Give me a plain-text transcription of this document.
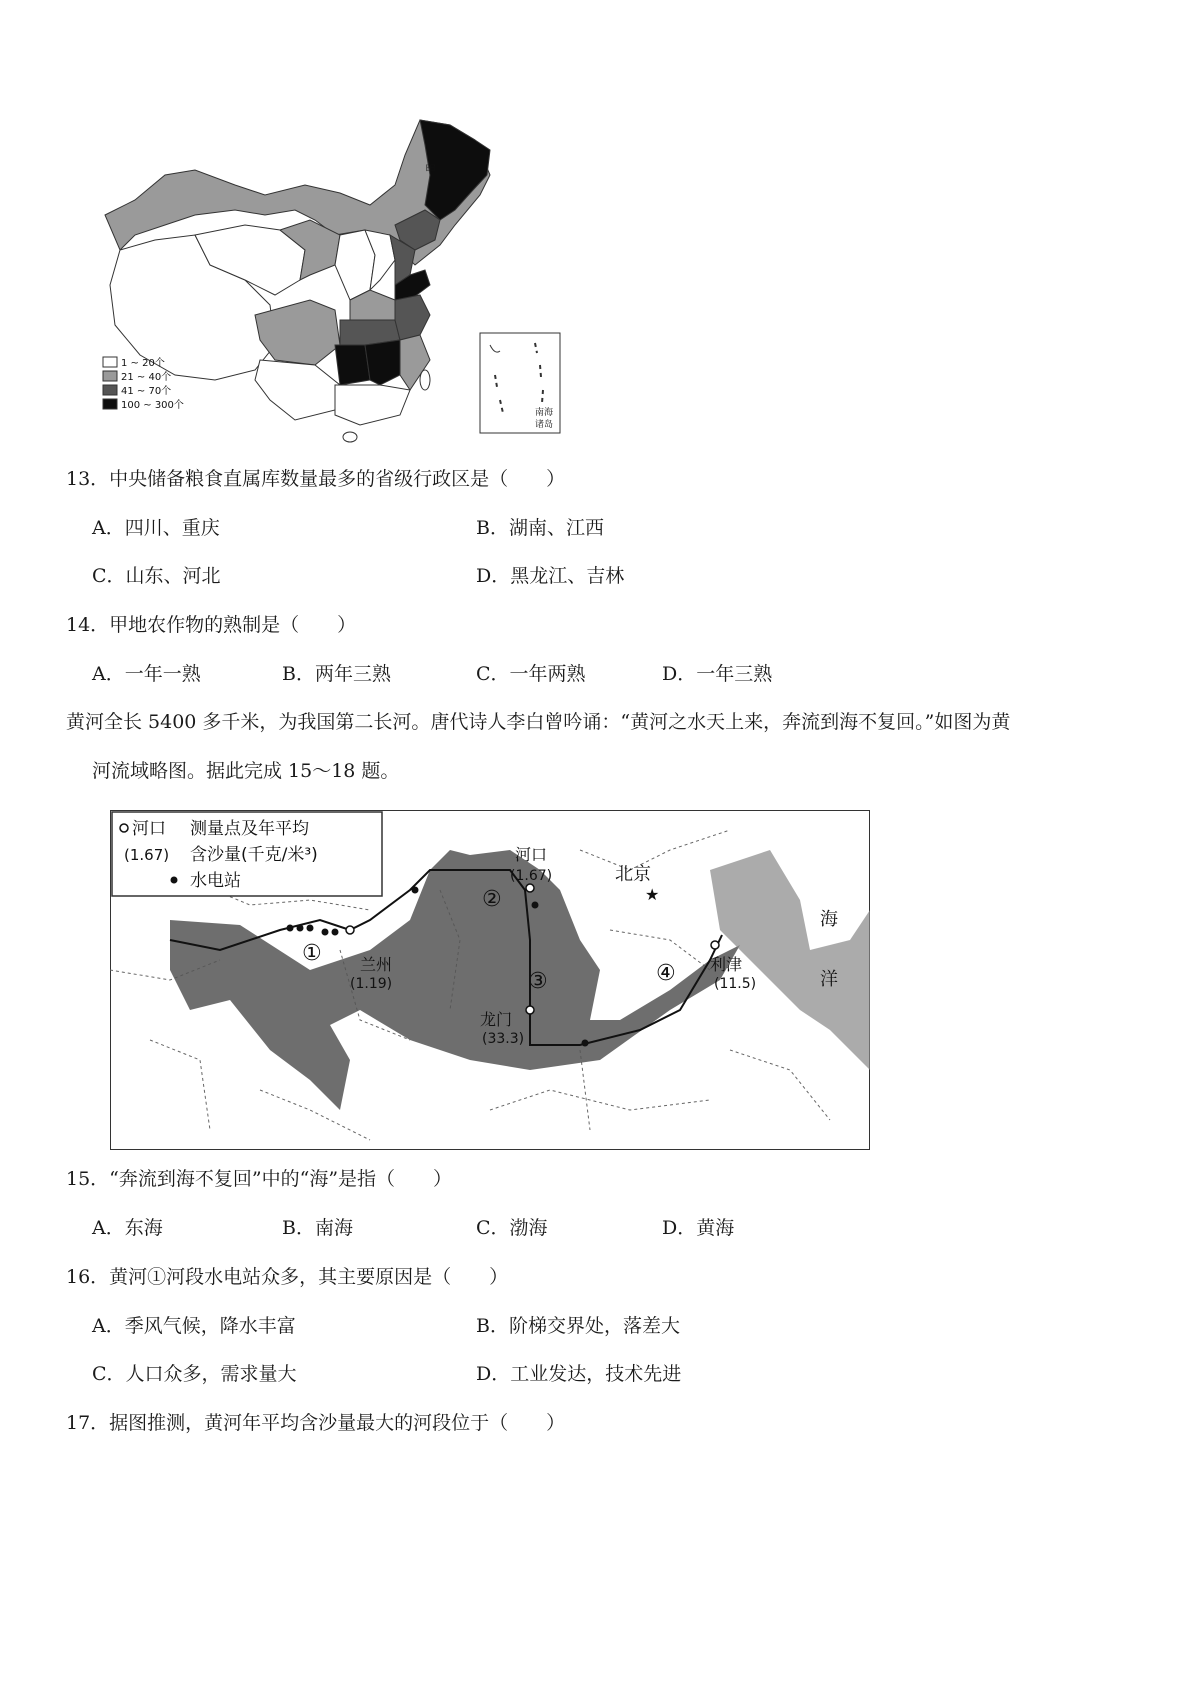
甲
1 ~ 20个
21 ~ 40个
41 ~ 70个
100 ~ 300个
南海
诸岛
13．中央储备粮食直属库数量最多的省级行政区是（　　）
A．四川、重庆	B．湖南、江西
C．山东、河北	D．黑龙江、吉林
14．甲地农作物的熟制是（　　）
A．一年一熟	B．两年三熟	C．一年两熟	D．一年三熟
黄河全长 5400 多千米，为我国第二长河。唐代诗人李白曾吟诵：“黄河之水天上来，奔流到海不复回。”如图为黄
河流域略图。据此完成 15～18 题。
★
北京
河口
(1.67)
龙门
(33.3)
兰州
(1.19)
利津
(11.5)
海
洋
①
②
③	④
河口 测量点及年平均
(1.67) 含沙量(千克/米³)
水电站
15．“奔流到海不复回”中的“海”是指（　　）
A．东海	B．南海	C．渤海	D．黄海
16．黄河①河段水电站众多，其主要原因是（　　）
A．季风气候，降水丰富	B．阶梯交界处，落差大
C．人口众多，需求量大	D．工业发达，技术先进
17．据图推测，黄河年平均含沙量最大的河段位于（　　）
